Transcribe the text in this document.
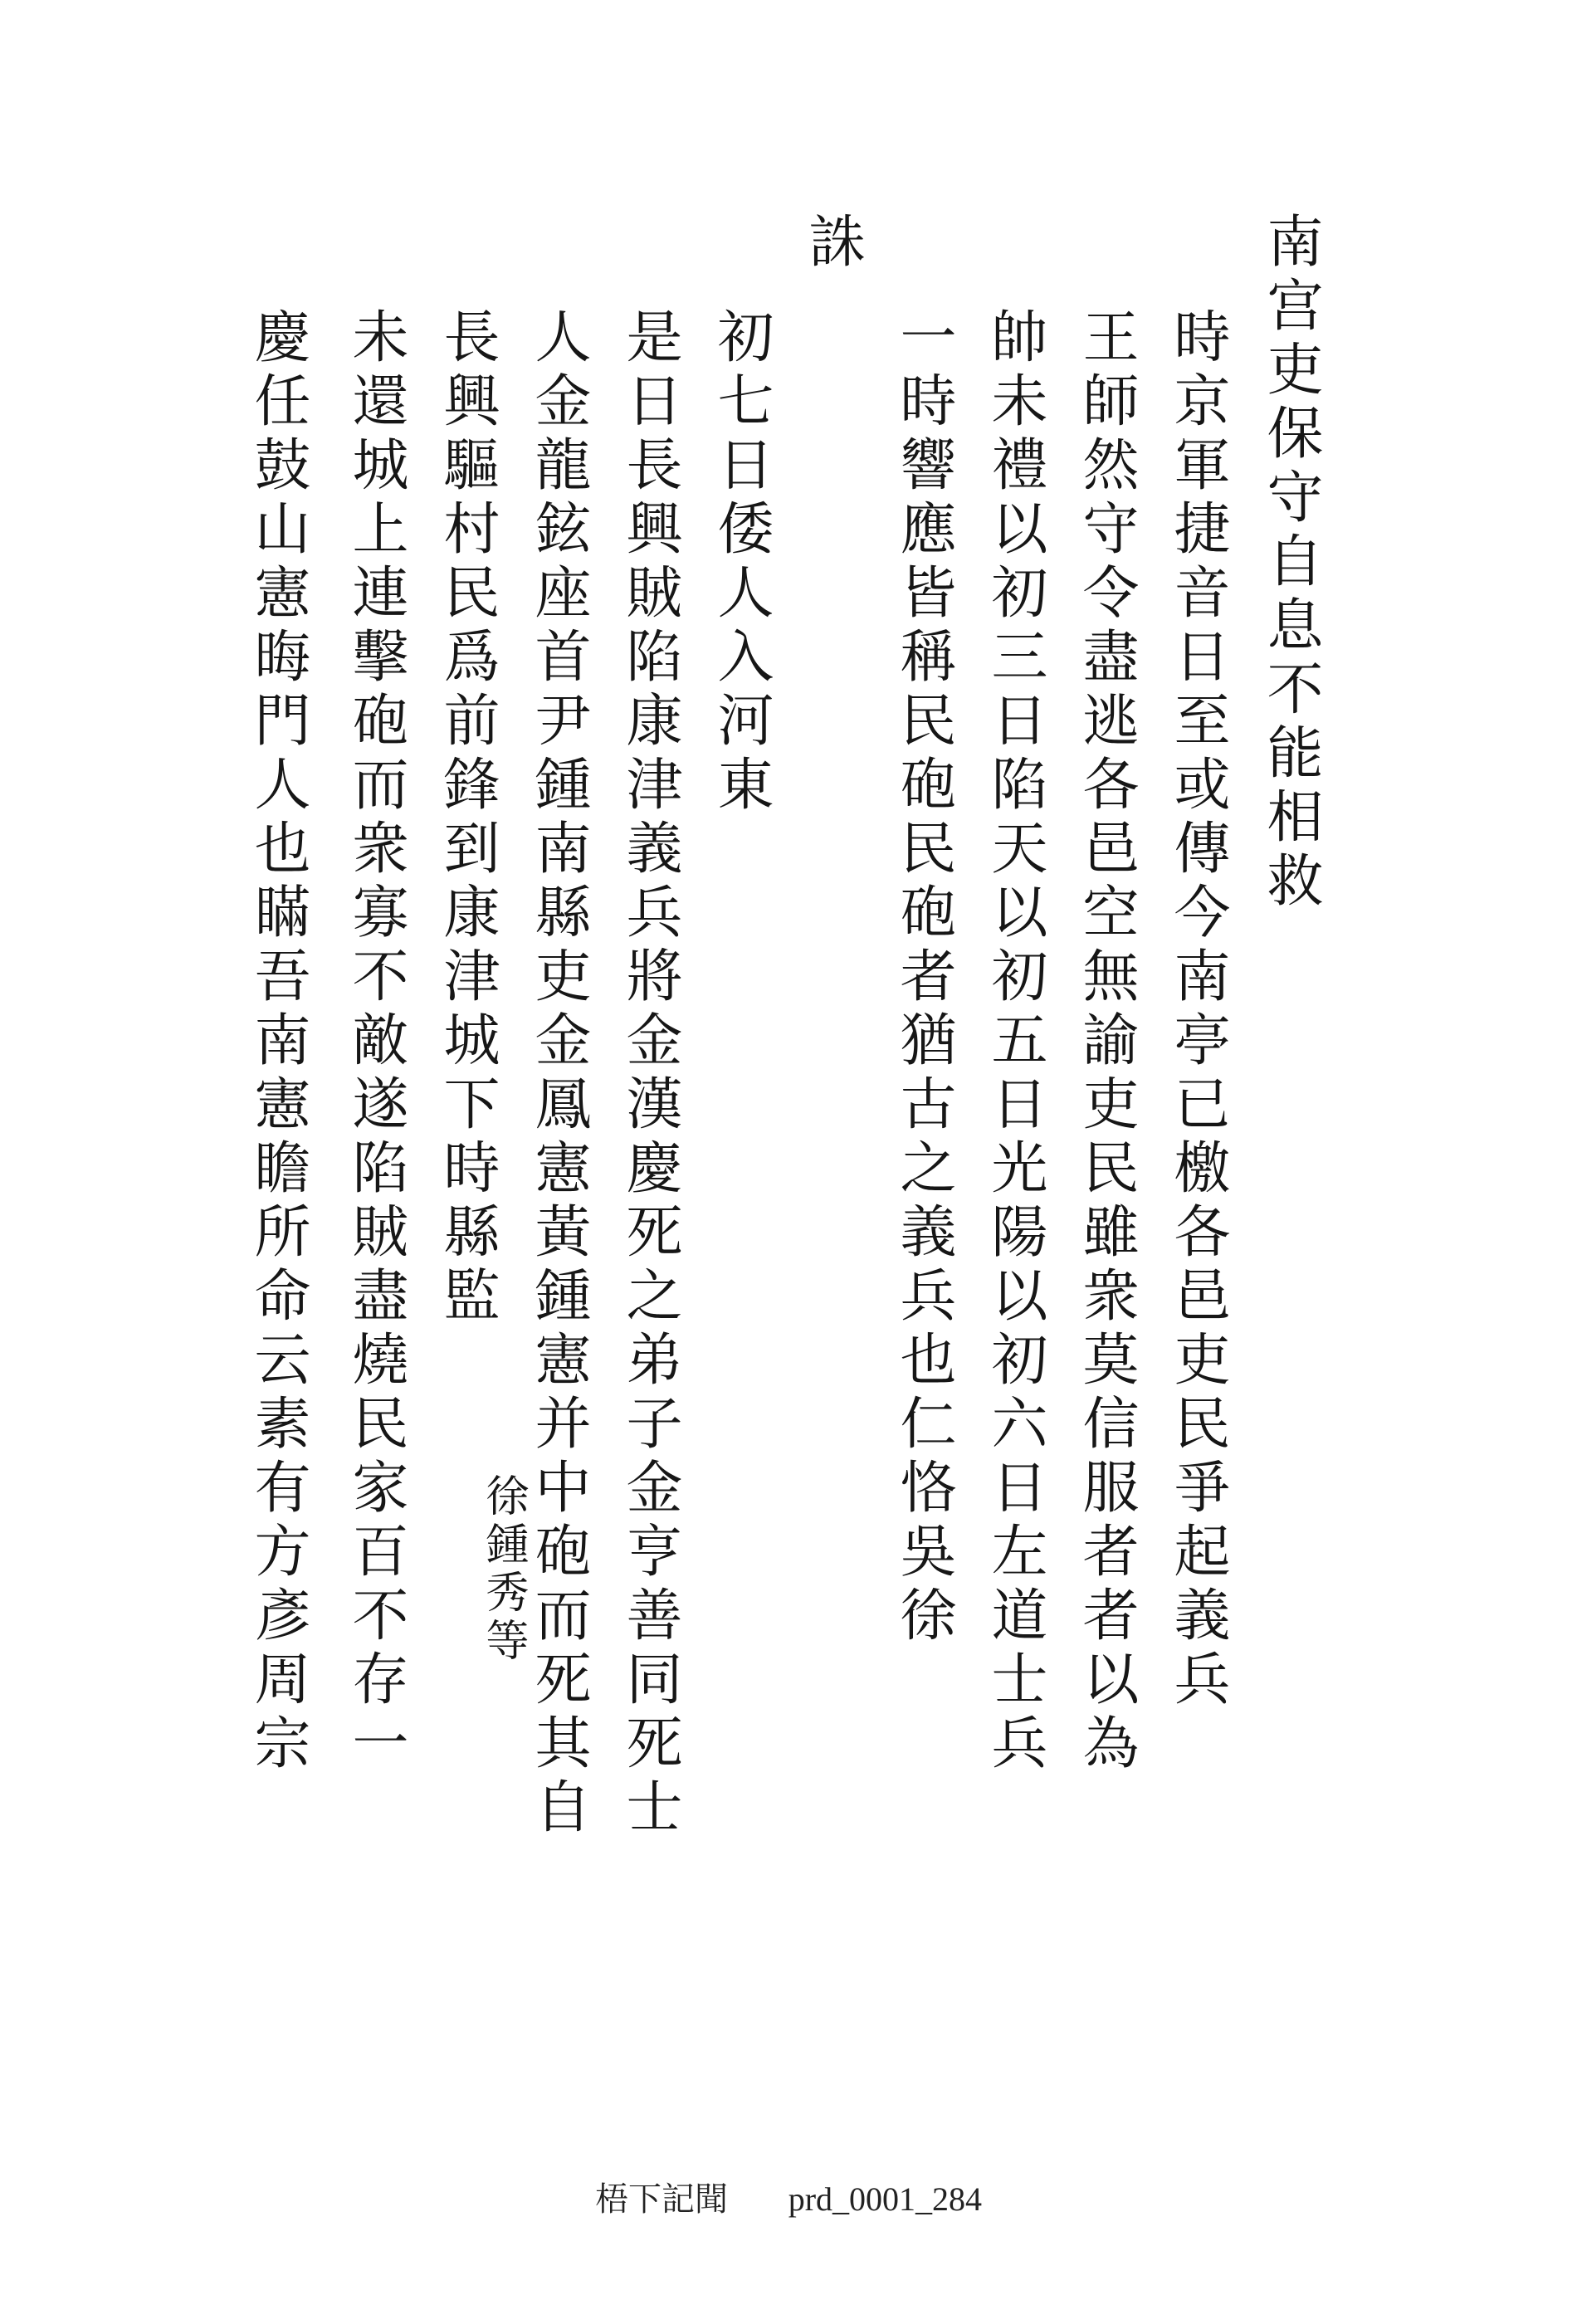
南宫吏保守自息不能相救
時京軍捷音日至或傳今南亭已檄各邑吏民爭起義兵
王師然守令盡逃各邑空無諭吏民雖衆莫信服者者以為
帥未禮以初三日陷天以初五日光陽以初六日左道士兵
一時響應皆稱民砲民砲者猶古之義兵也仁恪吳徐
誅
初七日倭人入河東
是日長興賊陷康津義兵將金漢慶死之弟子金亨善同死士
人金龍鉉座首尹鍾南縣吏金鳳憲黃鍾憲并中砲而死其自
長興驅村民爲前鋒到康津城下時縣監
未還城上連擊砲而衆寡不敵遂陷賊盡燒民家百不存一
慶任鼓山憲晦門人也瞞吾南憲瞻所命云素有方彥周宗	徐鍾秀等
梧下記聞 prd_0001_284
